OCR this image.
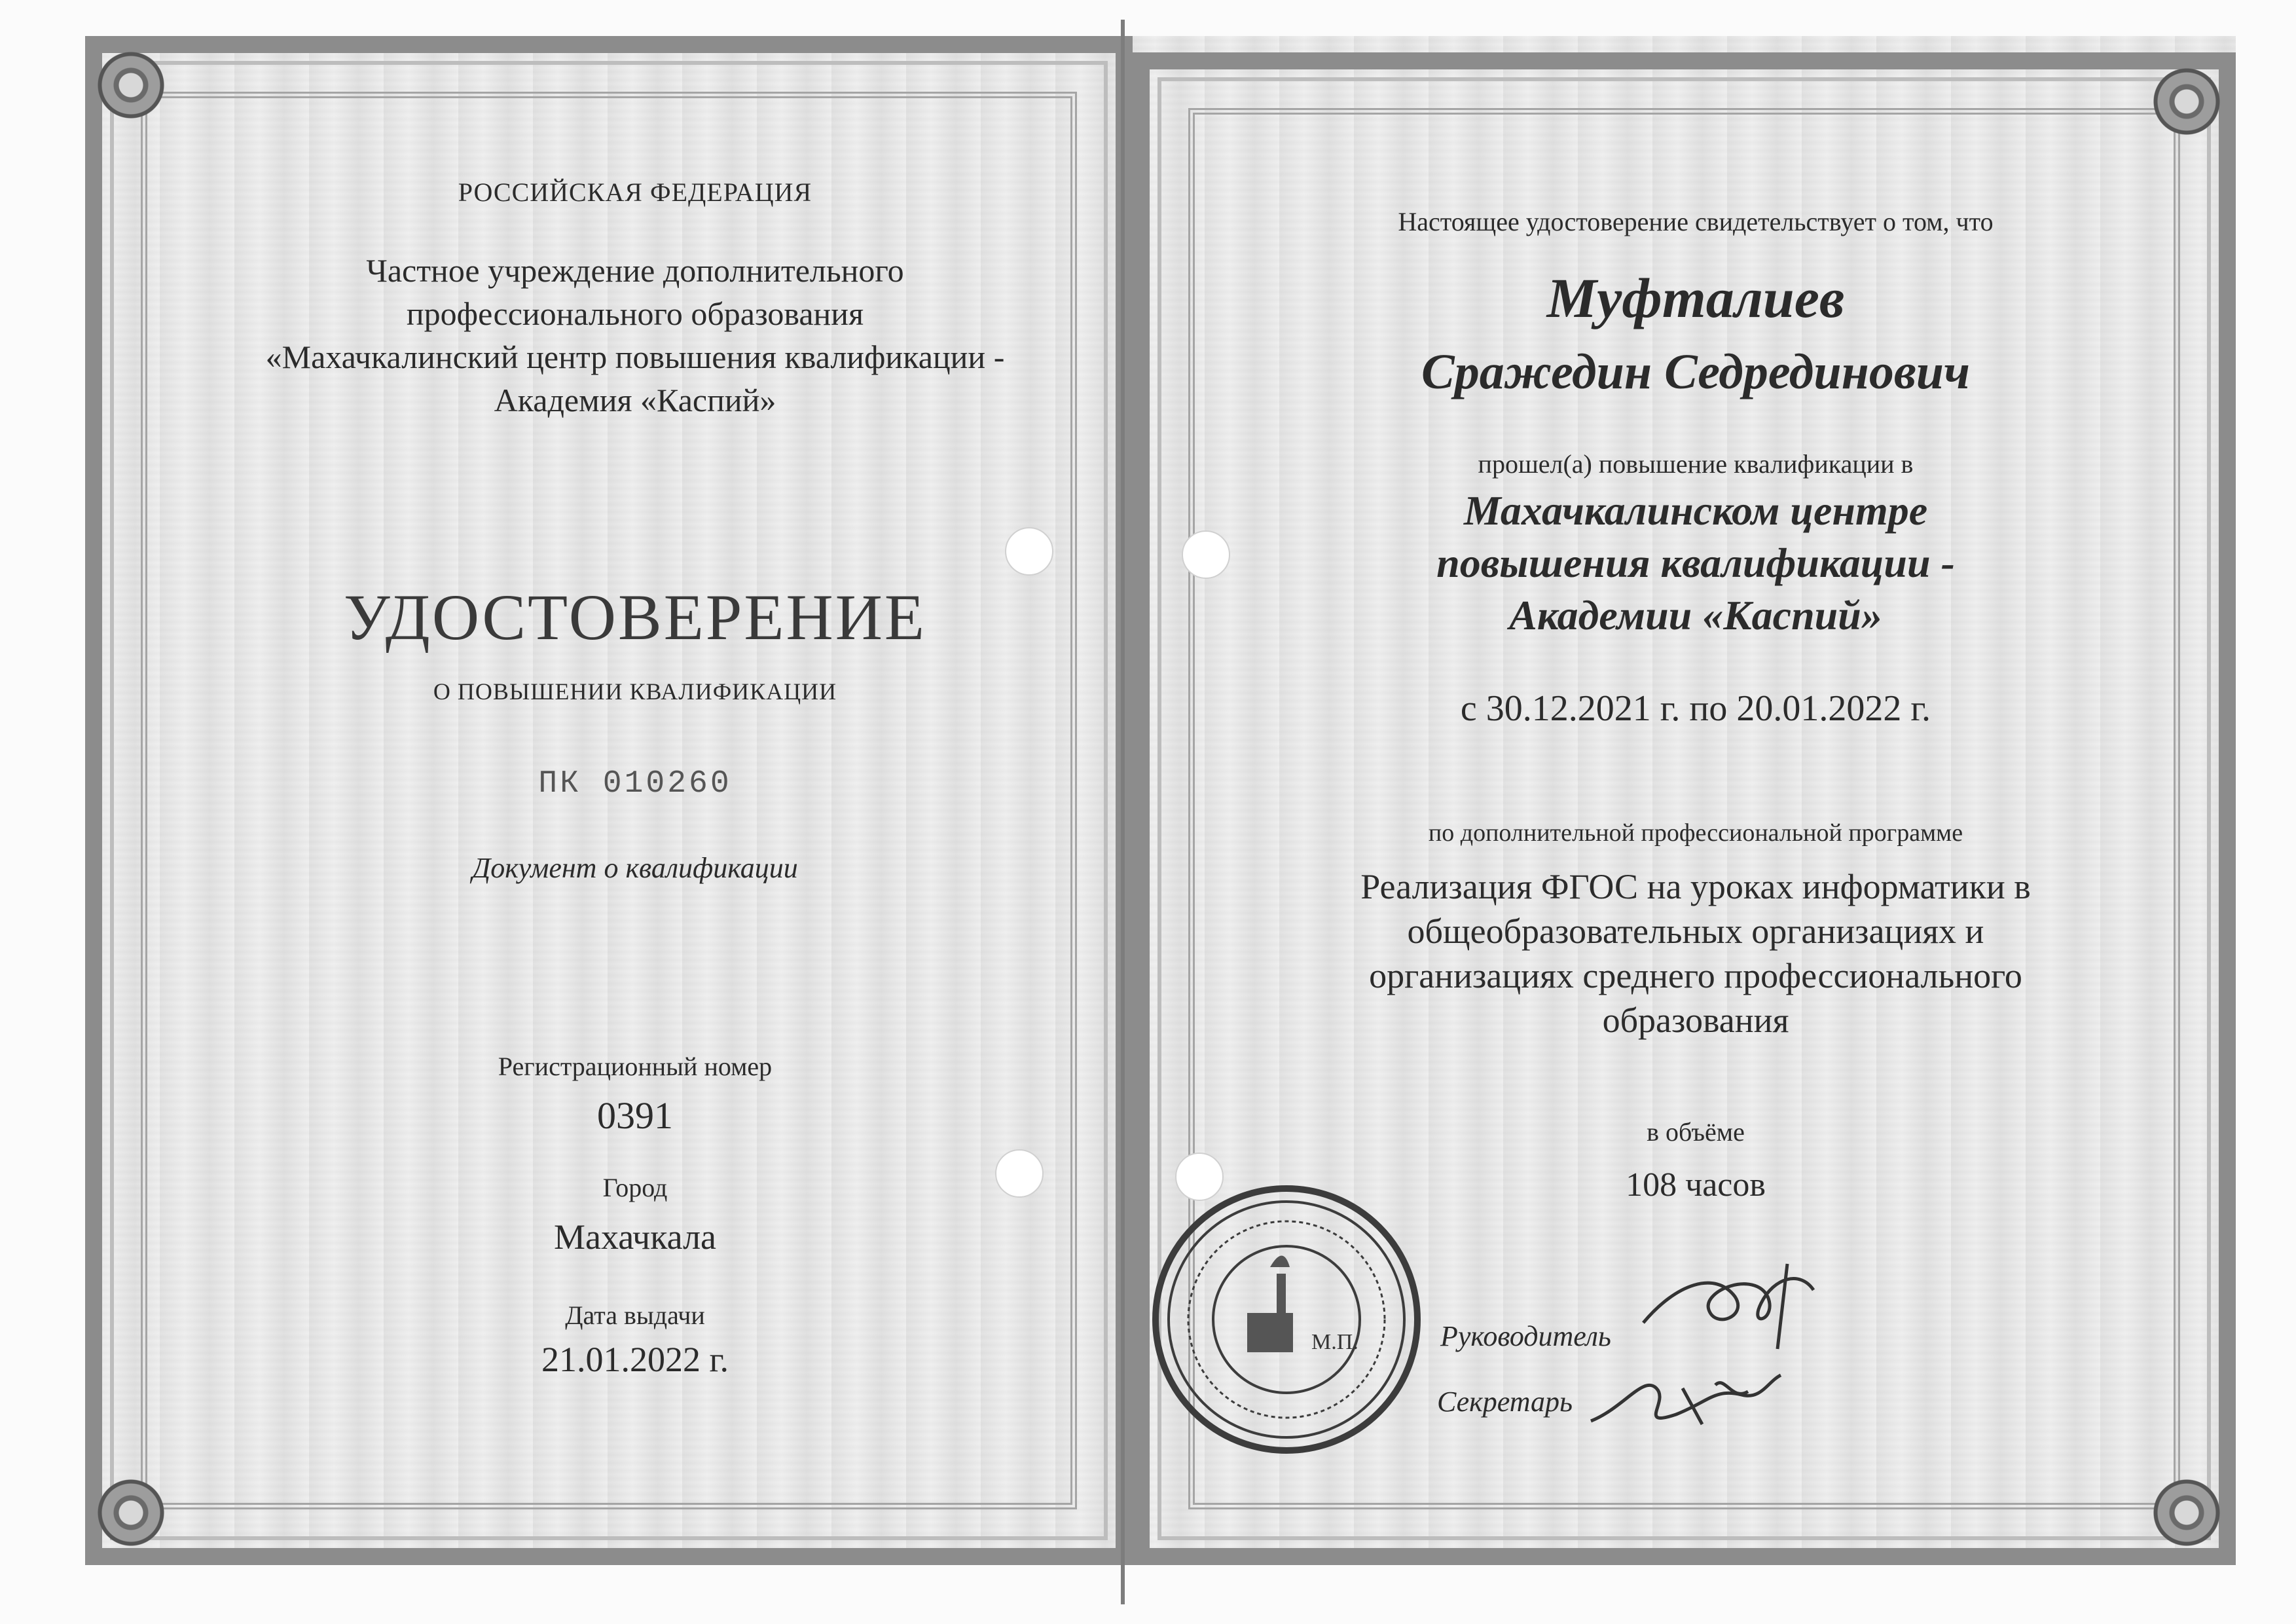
РОССИЙСКАЯ ФЕДЕРАЦИЯ
Частное учреждение дополнительного
профессионального образования
«Махачкалинский центр повышения квалификации -
Академия «Каспий»
УДОСТОВЕРЕНИЕ
О ПОВЫШЕНИИ КВАЛИФИКАЦИИ
ПК 010260
Документ о квалификации
Регистрационный номер
0391
Город
Махачкала
Дата выдачи
21.01.2022 г.
Настоящее удостоверение свидетельствует о том, что
Муфталиев
Сражедин Седрединович
прошел(а) повышение квалификации в
Махачкалинском центре
повышения квалификации -
Академии «Каспий»
с 30.12.2021 г. по 20.01.2022 г.
по дополнительной профессиональной программе
Реализация ФГОС на уроках информатики в
общеобразовательных организациях и
организациях среднего профессионального
образования
в объёме
108 часов
М.П.	Руководитель
Секретарь
